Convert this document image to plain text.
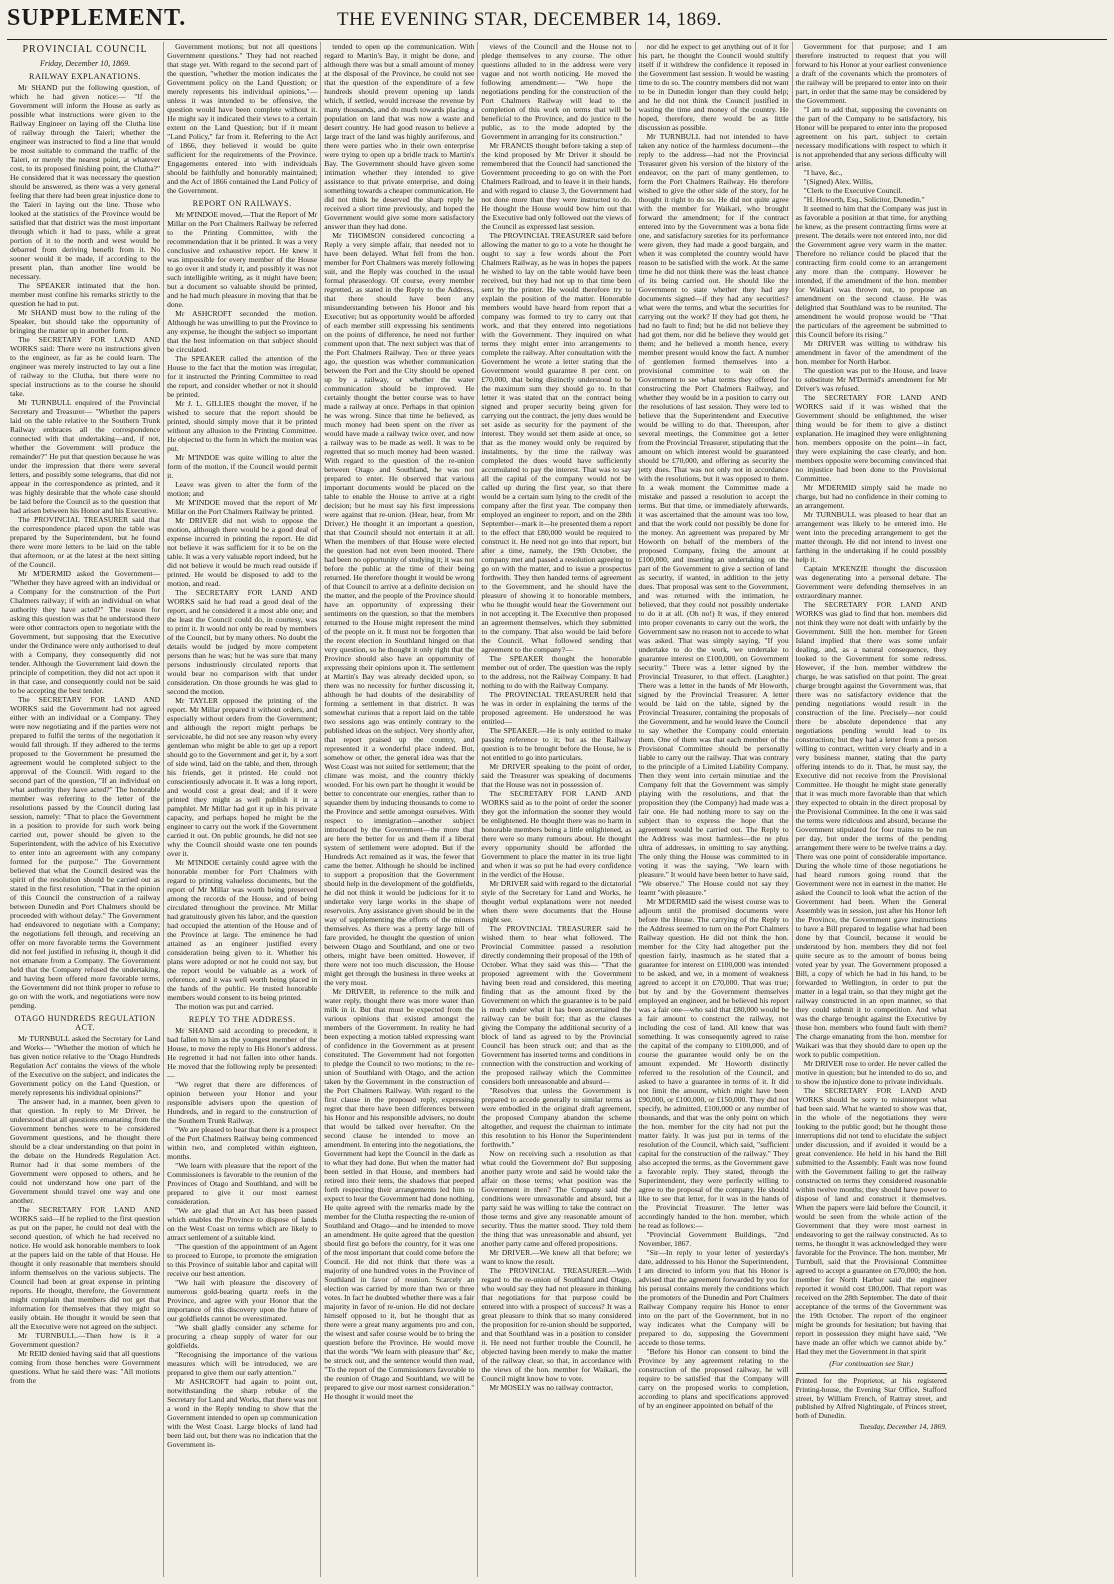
SUPPLEMENT.	THE EVENING STAR, DECEMBER 14, 1869.
PROVINCIAL COUNCIL
Friday, December 10, 1869.
RAILWAY EXPLANATIONS.

Mr SHAND put the following question, of which he had given notice:— "If the Government will inform the House as early as possible what instructions were given to the Railway Engineer on laying off the Clutha line of railway through the Taieri; whether the engineer was instructed to find a line that would be most suitable to command the traffic of the Taieri, or merely the nearest point, at whatever cost, to its proposed finishing point, the Clutha?" He considered that it was necessary the question should be answered, as there was a very general feeling that there had been great injustice done to the Taieri in laying out the line. Those who looked at the statistics of the Province would be satisfied that that district was the most important through which it had to pass, while a great portion of it to the north and west would be debarred from deriving benefit from it. No sooner would it be made, if according to the present plan, than another line would be necessary.

The SPEAKER intimated that the hon. member must confine his remarks strictly to the question he had to put.

Mr SHAND must bow to the ruling of the Speaker, but should take the opportunity of bringing the matter up in another form.

The SECRETARY FOR LAND AND WORKS said: There were no instructions given to the engineer, as far as he could learn. The engineer was merely instructed to lay out a line of railway to the Clutha, but there were no special instructions as to the course he should take.

Mr TURNBULL enquired of the Provincial Secretary and Treasurer— "Whether the papers laid on the table relative to the Southern Trunk Railway embraces all the correspondence connected with that undertaking—and, if not, whether the Government will produce the remainder?" He put that question because he was under the impression that there were several letters, and possibly some telegrams, that did not appear in the correspondence as printed, and it was highly desirable that the whole case should be laid before the Council as to the question that had arisen between his Honor and his Executive.

The PROVINCIAL TREASURER said that the correspondence placed upon the table was prepared by the Superintendent, but he found there were more letters to be laid on the table that afternoon, or at the latest at the next sitting of the Council.

Mr M'DERMID asked the Government— "Whether they have agreed with an individual or a Company for the construction of the Port Chalmers railway; if with an individual on what authority they have acted?" The reason for asking this question was that he understood there were other contractors open to negotiate with the Government, but supposing that the Executive under the Ordinance were only authorised to deal with a Company, they consequently did not tender. Although the Government laid down the principle of competition, they did not act upon it in that case, and consequently could not be said to be accepting the best tender.

The SECRETARY FOR LAND AND WORKS said the Government had not agreed either with an individual or a Company. They were now negotiating and if the parties were not prepared to fulfil the terms of the negotiation it would fall through. If they adhered to the terms proposed to the Government he presumed the agreement would be completed subject to the approval of the Council. With regard to the second part of the question, "If an individual on what authority they have acted?" The honorable member was referring to the letter of the resolutions passed by the Council during last session, namely: "That to place the Government in a position to provide for such work being carried out, power should be given to the Superintendent, with the advice of his Executive to enter into an agreement with any company formed for the purpose." The Government believed that what the Council desired was the spirit of the resolution should be carried out as stated in the first resolution, "That in the opinion of this Council the construction of a railway between Dunedin and Port Chalmers should be proceeded with without delay." The Government had endeavored to negotiate with a Company; the negotiations fell through, and receiving an offer on more favorable terms the Government did not feel justified in refusing it, though it did not emanate from a Company. The Government held that the Company refused the undertaking, and having been offered more favorable terms, the Government did not think proper to refuse to go on with the work, and negotiations were now pending.

OTAGO HUNDREDS REGULATION ACT.

Mr TURNBULL asked the Secretary for Land and Works— "Whether the motion of which he has given notice relative to the 'Otago Hundreds Regulation Act' contains the views of the whole of the Executive on the subject, and indicates the Government policy on the Land Question, or merely represents his individual opinions?"

The answer had, in a manner, been given to that question. In reply to Mr Driver, he understood that all questions emanating from the Government benches were to be considered Government questions, and he thought there should be a clear understanding on that point in the debate on the Hundreds Regulation Act. Rumor had it that some members of the Government were opposed to others, and he could not understand how one part of the Government should travel one way and one another.

The SECRETARY FOR LAND AND WORKS said—If he replied to the first question as put on the paper, he could not deal with the second question, of which he had received no notice. He would ask honorable members to look at the papers laid on the table of that House. He thought it only reasonable that members should inform themselves on the various subjects. The Council had been at great expense in printing reports. He thought, therefore, the Government might complain that members did not get that information for themselves that they might so easily obtain. He thought it would be seen that all the Executive were not agreed on the subject.

Mr TURNBULL.—Then how is it a Government question?

Mr REID denied having said that all questions coming from those benches were Government questions. What he said there was: "All motions from the

Government motions; but not all questions Government questions." They had not reached that stage yet. With regard to the second part of the question, "whether the motion indicates the Government policy on the Land Question; or merely represents his individual opinions,"—unless it was intended to be offensive, the question would have been complete without it. He might say it indicated their views to a certain extent on the Land Question; but if it meant "Land Policy," far from it. Referring to the Act of 1866, they believed it would be quite sufficient for the requirements of the Province. Engagements entered into with individuals should be faithfully and honorably maintained; and the Act of 1866 contained the Land Policy of the Government.

REPORT ON RAILWAYS.

Mr M'INDOE moved,—That the Report of Mr Millar on the Port Chalmers Railway be referred to the Printing Committee, with the recommendation that it be printed. It was a very conclusive and exhaustive report. He knew it was impossible for every member of the House to go over it and study it, and possibly it was not such intelligible writing, as it might have been; but a document so valuable should be printed, and he had much pleasure in moving that that be done.

Mr ASHCROFT seconded the motion. Although he was unwilling to put the Province to any expense, he thought the subject so important that the best information on that subject should be circulated.

The SPEAKER called the attention of the House to the fact that the motion was irregular, for it instructed the Printing Committee to read the report, and consider whether or not it should be printed.

Mr J. L. GILLIES thought the mover, if he wished to secure that the report should be printed, should simply move that it be printed without any allusion to the Printing Committee. He objected to the form in which the motion was put.

Mr M'INDOE was quite willing to alter the form of the motion, if the Council would permit it.

Leave was given to alter the form of the motion; and

Mr M'INDOE moved that the report of Mr Millar on the Port Chalmers Railway be printed.

Mr DRIVER did not wish to oppose the motion, although there would be a good deal of expense incurred in printing the report. He did not believe it was sufficient for it to be on the table. It was a very valuable report indeed, but he did not believe it would be much read outside if printed. He would be disposed to add to the motion, and read.

The SECRETARY FOR LAND AND WORKS said he had read a good deal of the report, and he considered it a most able one; and the least the Council could do, in courtesy, was to print it. It would not only be read by members of the Council, but by many others. No doubt the details would be judged by more competent persons than he was; but he was sure that many persons industriously circulated reports that would bear no comparison with that under consideration. On those grounds he was glad to second the motion.

Mr TAYLER opposed the printing of the report. Mr Millar prepared it without orders, and especially without orders from the Government; and although the report might perhaps be serviceable, he did not see any reason why every gentleman who might be able to get up a report should go to the Government and get it, by a sort of side wind, laid on the table, and then, through his friends, get it printed. He could not conscientiously advocate it. It was a long report, and would cost a great deal; and if it were printed they might as well publish it in a pamphlet. Mr Millar had got it up in his private capacity, and perhaps hoped he might be the engineer to carry out the work if the Government carried it out. On public grounds, he did not see why the Council should waste one ten pounds over it.

Mr M'INDOE certainly could agree with the honorable member for Port Chalmers with regard to printing valueless documents, but the report of Mr Millar was worth being preserved among the records of the House, and of being circulated throughout the province. Mr Millar had gratuitously given his labor, and the question had occupied the attention of the House and of the Province at large. The eminence he had attained as an engineer justified every consideration being given to it. Whether his plans were adopted or not he could not say, but the report would be valuable as a work of reference, and it was well worth being placed in the hands of the public. He trusted honorable members would consent to its being printed.

The motion was put and carried.

REPLY TO THE ADDRESS.

Mr SHAND said according to precedent, it had fallen to him as the youngest member of the House, to move the reply to His Honor's address. He regretted it had not fallen into other hands. He moved that the following reply be presented:—

"We regret that there are differences of opinion between your Honor and your responsible advisers upon the question of Hundreds, and in regard to the construction of the Southern Trunk Railway.

"We are pleased to hear that there is a prospect of the Port Chalmers Railway being commenced within two, and completed within eighteen, months.

"We learn with pleasure that the report of the Commissioners is favorable to the reunion of the Provinces of Otago and Southland, and will be prepared to give it our most earnest consideration.

"We are glad that an Act has been passed which enables the Province to dispose of lands on the West Coast on terms which are likely to attract settlement of a suitable kind.

"The question of the appointment of an Agent to proceed to Europe, to promote the emigration to this Province of suitable labor and capital will receive our best attention.

"We hail with pleasure the discovery of numerous gold-bearing quartz reefs in the Province, and agree with your Honor that the importance of this discovery upon the future of our goldfields cannot be overestimated.

"We shall gladly consider any scheme for procuring a cheap supply of water for our goldfields.

"Recognising the importance of the various measures which will be introduced, we are prepared to give them our early attention."

Mr ASHCROFT had again to point out, notwithstanding the sharp rebuke of the Secretary for Land and Works, that there was not a word in the Reply tending to show that the Government intended to open up communication with the West Coast. Large blocks of land had been laid out, but there was no indication that the Government in-

tended to open up the communication. With regard to Martin's Bay, it might be done, and although there was but a small amount of money at the disposal of the Province, he could not see that the question of the expenditure of a few hundreds should prevent opening up lands which, if settled, would increase the revenue by many thousands, and do much towards placing a population on land that was now a waste and desert country. He had good reason to believe a large tract of the land was highly auriferous, and there were parties who in their own enterprise were trying to open up a bridle track to Martin's Bay. The Government should have given some intimation whether they intended to give assistance to that private enterprise, and doing something towards a cheaper communication. He did not think he deserved the sharp reply he received a short time previously, and hoped the Government would give some more satisfactory answer than they had done.

Mr THOMSON considered concocting a Reply a very simple affair, that needed not to have been delayed. What fell from the hon. member for Port Chalmers was merely following suit, and the Reply was couched in the usual formal phraseology. Of course, every member regretted, as stated in the Reply to the Address, that there should have been any misunderstanding between his Honor and his Executive; but as opportunity would be afforded of each member still expressing his sentiments on the points of difference, he need not further comment upon that. The next subject was that of the Port Chalmers Railway. Two or three years ago, the question was whether communication between the Port and the City should be opened up by a railway, or whether the water communication should be improved. He certainly thought the better course was to have made a railway at once. Perhaps in that opinion he was wrong. Since that time he believed, as much money had been spent on the river as would have made a railway twice over, and now a railway was to be made as well. It was to be regretted that so much money had been wasted. With regard to the question of the re-union between Otago and Southland, he was not prepared to enter. He observed that various important documents would be placed on the table to enable the House to arrive at a right decision; but he must say his first impressions were against that re-union. (Hear, hear, from Mr Driver.) He thought it an important a question, that that Council should not entertain it at all. When the members of that House were elected the question had not even been mooted. There had been no opportunity of studying it; it was not before the public at the time of their being returned. He therefore thought it would be wrong of that Council to arrive at a definite decision on the matter, and the people of the Province should have an opportunity of expressing their sentiments on the question, so that the members returned to the House might represent the mind of the people on it. It must not be forgotten that the recent election in Southland hinged on that very question, so he thought it only right that the Province should also have an opportunity of expressing their opinions upon it. The settlement at Martin's Bay was already decided upon, so there was no necessity for further discussing it, although he had doubts of the desirability of forming a settlement in that district. It was somewhat curious that a report laid on the table two sessions ago was entirely contrary to the published ideas on the subject. Very shortly after, that report praised up the country, and represented it a wonderful place indeed. But, somehow or other, the general idea was that the West Coast was not suited for settlement; that the climate was moist, and the country thickly wooded. For his own part he thought it would be better to concentrate our energies, rather than to squander them by inducing thousands to come to the Province and settle amongst ourselves. With respect to immigration—another subject introduced by the Government—the more that are here the better for us and them if a liberal system of settlement were adopted. But if the Hundreds Act remained as it was, the fewer that came the better. Although he should be inclined to support a proposition that the Government should help in the development of the goldfields, he did not think it would be judicious for it to undertake very large works in the shape of reservoirs. Any assistance given should be in the way of supplementing the efforts of the miners themselves. As there was a pretty large bill of fare provided, he thought the question of union between Otago and Southland, and one or two others, might have been omitted. However, if there were not too much discussion, the House might get through the business in three weeks at the very most.

Mr DRIVER, in reference to the milk and water reply, thought there was more water than milk in it. But that must be expected from the various opinions that existed amongst the members of the Government. In reality he had been expecting a motion tabled expressing want of confidence in the Government as at present constituted. The Government had not forgotten to pledge the Council to two motions; to the re-union of Southland with Otago, and the action taken by the Government in the construction of the Port Chalmers Railway. With regard to the first clause in the proposed reply, expressing regret that there have been differences between his Honor and his responsible advisers, no doubt that would be talked over hereafter. On the second clause he intended to move an amendment. In entering into the negotiations, the Government had kept the Council in the dark as to what they had done. But when the matter had been settled in that House, and members had retired into their tents, the shadows that peeped forth respecting their arrangements led him to expect to hear the Government had done nothing. He quite agreed with the remarks made by the member for the Clutha respecting the re-union of Southland and Otago—and he intended to move an amendment. He quite agreed that the question should first go before the country, for it was one of the most important that could come before the Council. He did not think that there was a majority of one hundred votes in the Province of Southland in favor of reunion. Scarcely an election was carried by more than two or three votes. In fact he doubted whether there was a fair majority in favor of re-union. He did not declare himself opposed to it, but he thought that as there were a great many arguments pro and con, the wisest and safer course would be to bring the question before the Province. He would move that the words "We learn with pleasure that" &c, be struck out, and the sentence would then read, "To the report of the Commissioners favorable to the reunion of Otago and Southland, we will be prepared to give our most earnest consideration." He thought it would meet the

views of the Council and the House not to pledge themselves to any course. The other questions alluded to in the address were very vague and not worth noticing. He moved the following amendment:— "We hope the negotiations pending for the construction of the Port Chalmers Railway will lead to the completion of this work on terms that will be beneficial to the Province, and do justice to the public, as to the mode adopted by the Government in arranging for its construction."

Mr FRANCIS thought before taking a step of the kind proposed by Mr Driver it should be remembered that the Council had sanctioned the Government proceeding to go on with the Port Chalmers Railroad, and to leave it in their hands, and with regard to clause 3, the Government had not done more than they were instructed to do. He thought the House would bow him out that the Executive had only followed out the views of the Council as expressed last session.

The PROVINCIAL TREASURER said before allowing the matter to go to a vote he thought he ought to say a few words about the Port Chalmers Railway, as he was in hopes the papers he wished to lay on the table would have been received, but they had not up to that time been sent by the printer. He would therefore try to explain the position of the matter. Honorable members would have heard from report that a company was formed to try to carry out that work, and that they entered into negotiations with the Government. They inquired on what terms they might enter into arrangements to complete the railway. After consultation with the Government he wrote a letter stating that the Government would guarantee 8 per cent. on £70,000, that being distinctly understood to be the maximum sum they should go to. In that letter it was stated that on the contract being signed and proper security being given for carrying out the contract, the jetty dues would be set aside as security for the payment of the interest. They would set them aside at once, so that as the money would only be required by instalments, by the time the railway was completed the dues would have sufficiently accumulated to pay the interest. That was to say all the capital of the company would not be called up during the first year, so that there would be a certain sum lying to the credit of the company after the first year. The company then employed an engineer to report, and on the 28th September—mark it—he presented them a report to the effect that £80,000 would be required to construct it. He need not go into that report, but after a time, namely, the 19th October, the company met and passed a resolution agreeing to go on with the matter, and to issue a prospectus forthwith. They then handed terms of agreement to the Government, and he should have the pleasure of showing it to honorable members, who he thought would hear the Government out in not accepting it. The Executive then proposed an agreement themselves, which they submitted to the company. That also would be laid before the Council. What followed sending that agreement to the company?—

The SPEAKER thought the honorable member out of order. The question was the reply to the address, not the Railway Company. It had nothing to do with the Railway Company.

The PROVINCIAL TREASURER held that he was in order in explaining the terms of the proposed agreement. He understood he was entitled—

The SPEAKER.—He is only entitled to make passing reference to it; but as the Railway question is to be brought before the House, he is not entitled to go into particulars.

Mr DRIVER speaking to the point of order, said the Treasurer was speaking of documents that the House was not in possession of.

The SECRETARY FOR LAND AND WORKS said as to the point of order the sooner they got the information the sooner they would be enlightened. He thought there was no harm in honorable members being a little enlightened, as there were so many rumours about. He thought every opportunity should be afforded the Government to place the matter in its true light and when it was so put he had every confidence in the verdict of the House.

Mr DRIVER said with regard to the dictatorial style of the Secretary for Land and Works, he thought verbal explanations were not needed when there were documents that the House might see.

The PROVINCIAL TREASURER said he wished them to hear what followed. The Provincial Committee passed a resolution directly condemning their proposal of the 19th of October. What they said was this— "That the proposed agreement with the Government having been read and considered, this meeting finding that as the amount fixed by the Government on which the guarantee is to be paid is much under what it has been ascertained the railway can be built for; that as the clauses giving the Company the additional security of a block of land as agreed to by the Provincial Council has been struck out; and that as the Government has inserted terms and conditions in connection with the construction and working of the proposed railway which the Committee considers both unreasonable and absurd—

"Resolves that unless the Government is prepared to accede generally to similar terms as were embodied in the original draft agreement, the proposed Company abandon the scheme altogether, and request the chairman to intimate this resolution to his Honor the Superintendent forthwith."

Now on receiving such a resolution as that what could the Government do? But supposing another party wrote and said he would take the affair on those terms; what position was the Government in then? The Company said the conditions were unreasonable and absurd, but a party said he was willing to take the contract on those terms and give any reasonable amount of security. Thus the matter stood. They told them the thing that was unreasonable and absurd, yet another party came and offered propositions.

Mr DRIVER.—We knew all that before; we want to know the result.

The PROVINCIAL TREASURER.—With regard to the re-union of Southland and Otago, who would say they had not pleasure in thinking that negotiations for that purpose could be entered into with a prospect of success? It was a great pleasure to think that so many considered the proposition for re-union should be supported, and that Southland was in a position to consider it. He need not further trouble the Council, he objected having been merely to make the matter of the railway clear, so that, in accordance with the views of the hon. member for Waikari, the Council might know how to vote.

Mr MOSELY was no railway contractor,

nor did he expect to get anything out of it for his part, he thought the Council would stultify itself if it withdrew the confidence it reposed in the Government last session. It would be wasting time to do so. The country members did not want to be in Dunedin longer than they could help; and he did not think the Council justified in wasting the time and money of the country. He hoped, therefore, there would be as little discussion as possible.

Mr TURNBULL had not intended to have taken any notice of the harmless document—the reply to the address—had not the Provincial Treasurer given his version of the history of the endeavor, on the part of many gentlemen, to form the Port Chalmers Railway. He therefore wished to give the other side of the story, for he thought it right to do so. He did not quite agree with the member for Waikari, who brought forward the amendment; for if the contract entered into by the Government was a bona fide one, and satisfactory sureties for its performance were given, they had made a good bargain, and when it was completed the country would have reason to be satisfied with the work. At the same time he did not think there was the least chance of its being carried out. He should like the Government to state whether they had any documents signed—if they had any securities? what were the terms, and what the securities for carrying out the work? If they had got them, he had no fault to find; but he did not believe they had got them, nor did he believe they would get them; and he believed a month hence, every member present would know the fact. A number of gentlemen formed themselves into a provisional committee to wait on the Government to see what terms they offered for constructing the Port Chalmers Railway, and whether they would be in a position to carry out the resolutions of last session. They were led to believe that the Superintendent and Executive would be willing to do that. Thereupon, after several meetings, the Committee got a letter from the Provincial Treasurer, stipulating that the amount on which interest would be guaranteed should be £70,000, and offering as security the jetty dues. That was not only not in accordance with the resolutions, but it was opposed to them. In a weak moment the Committee made a mistake and passed a resolution to accept the terms. But that time, or immediately afterwards, it was ascertained that the amount was too low, and that the work could not possibly be done for the money. An agreement was prepared by Mr Howorth on behalf of the members of the proposed Company, fixing the amount at £100,000, and inserting an undertaking on the part of the Government to give a section of land as security, if wanted, in addition to the jetty dues. That proposal was sent to the Government, and was returned with the intimation, he believed, that they could not possibly undertake to do it at all. (Oh no!) It was, if they entered into proper covenants to carry out the work, the Government saw no reason not to accede to what was asked. That was simply saying, "If you undertake to do the work, we undertake to guarantee interest on £100,000, on Government security." There was a letter signed by the Provincial Treasurer, to that effect. (Laughter.) There was a letter in the hands of Mr Howorth, signed by the Provincial Treasurer. A letter would be laid on the table, signed by the Provincial Treasurer, containing the proposals of the Government, and he would leave the Council to say whether the Company could entertain them. One of them was that each member of the Provisional Committee should be personally liable to carry out the railway. That was contrary to the principle of a Limited Liability Company. Then they went into certain minutiae and the Company felt that the Government was simply playing with the resolutions, and that the proposition they (the Company) had made was a fair one. He had nothing more to say on the subject than to express the hope that the agreement would be carried out. The Reply to the Address was most harmless—the ne plus ultra of addresses, in omitting to say anything. The only thing the House was committed to in voting it was the saying, "We learn with pleasure." It would have been better to have said, "We observe." The House could not say they learnt "with pleasure."

Mr M'DERMID said the wisest course was to adjourn until the promised documents were before the House. The carrying of the Reply to the Address seemed to turn on the Port Chalmers Railway question. He did not think the hon. member for the City had altogether put the question fairly, inasmuch as he stated that a guarantee for interest on £100,000 was intended to be asked, and we, in a moment of weakness agreed to accept it on £70,000. That was true; but by and by the Government themselves employed an engineer, and he believed his report was a fair one—who said that £80,000 would be a fair amount to construct the railway, not including the cost of land. All knew that was something. It was consequently agreed to raise the capital of the company to £100,000, and of course the guarantee would only be on the amount expended. Mr Howorth distinctly referred to the resolution of the Council, and asked to have a guarantee in terms of it. It did not limit the amount, which might have been £90,000, or £100,000, or £150,000. They did not specify, he admitted, £100,000 or any number of thousands, and that was the only point on which the hon. member for the city had not put the matter fairly. It was just put in terms of the resolution of the Council, which said, "sufficient capital for the construction of the railway." They also accepted the terms, as the Government gave a favorable reply. They stated, through the Superintendent, they were perfectly willing to agree to the proposal of the company. He should like to see that letter, for it was in the hands of the Provincial Treasurer. The letter was accordingly handed to the hon. member, which he read as follows:—

"Provincial Government Buildings, "2nd November, 1867.

"Sir—In reply to your letter of yesterday's date, addressed to his Honor the Superintendent, I am directed to inform you that his Honor is advised that the agreement forwarded by you for his perusal contains merely the conditions which the promoters of the Dunedin and Port Chalmers Railway Company require his Honor to enter into on the part of the Government, but in no way indicates what the Company will be prepared to do, supposing the Government accede to those terms.

"Before his Honor can consent to bind the Province by any agreement relating to the construction of the proposed railway, he will require to be satisfied that the Company will carry on the proposed works to completion, according to plans and specifications approved of by an engineer appointed on behalf of the

Government for that purpose; and I am therefore instructed to request that you will forward to his Honor at your earliest convenience a draft of the covenants which the promoters of the railway will be prepared to enter into on their part, in order that the same may be considered by the Government.

"I am to add that, supposing the covenants on the part of the Company to be satisfactory, his Honor will be prepared to enter into the proposed agreement on his part, subject to certain necessary modifications with respect to which it is not apprehended that any serious difficulty will arise.

"I have, &c.,

"(Signed) Alex. Willis,

"Clerk to the Executive Council.

"H. Howorth, Esq., Solicitor, Dunedin."

It seemed to him that the Company was just in as favorable a position at that time, for anything he knew, as the present contracting firms were at present. The details were not entered into, nor did the Government agree very warm in the matter. Therefore no reliance could be placed that the contracting firm could come to an arrangement any more than the company. However he intended, if the amendment of the hon. member for Waikari was thrown out, to propose an amendment on the second clause. He was delighted that Southland was to be reunited. The amendment he would propose would be "That the particulars of the agreement be submitted to this Council before its rising."

Mr DRIVER was willing to withdraw his amendment in favor of the amendment of the hon. member for North Harbor.

The question was put to the House, and leave to substitute Mr M'Dermid's amendment for Mr Driver's was refused.

The SECRETARY FOR LAND AND WORKS said if it was wished that the Government should be enlightened, the wiser thing would be for them to give a distinct explanation. He imagined they were enlightening hon. members opposite on the point—in fact, they were explaining the case clearly, and hon. members opposite were becoming convinced that no injustice had been done to the Provisional Committee.

Mr M'DERMID simply said he made no charge, but had no confidence in their coming to an arrangement.

Mr TURNBULL was pleased to hear that an arrangement was likely to be entered into. He went into the preceding arrangement to get the matter through. He did not intend to invest one farthing in the undertaking if he could possibly help it.

Captain M'KENZIE thought the discussion was degenerating into a personal debate. The Government were defending themselves in an extraordinary manner.

The SECRETARY FOR LAND AND WORKS was glad to find that hon. members did not think they were not dealt with unfairly by the Government. Still the hon. member for Green Island implied that there was some unfair dealing, and, as a natural consequence, they looked to the Government for some redress. However, if the hon. member withdrew the charge, he was satisfied on that point. The great charge brought against the Government was, that there was no satisfactory evidence that the pending negotiations would result in the construction of the line. Precisely—nor could there be absolute dependence that any negotiations pending would lead to its construction; but they had a letter from a person willing to contract, written very clearly and in a very business manner, stating that the party offering intends to do it. That, he must say, the Executive did not receive from the Provisional Committee. He thought he might state generally that it was much more favorable than that which they expected to obtain in the direct proposal by the Provisional Committee. In the one it was said the terms were ridiculous and absurd, because the Government stipulated for four trains to be run per day, but under the terms of the pending arrangement there were to be twelve trains a day. There was one point of considerable importance. During the whole time of those negotiations he had heard rumors going round that the Government were not in earnest in the matter. He asked the Council to look what the action of the Government had been. When the General Assembly was in session, just after his Honor left the Province, the Government gave instructions to have a Bill prepared to legalise what had been done by that Council, because it would be understood by hon. members they did not feel quite secure as to the amount of bonus being voted year by year. The Government proposed a Bill, a copy of which he had in his hand, to be forwarded to Wellington, in order to put the matter in a legal train, so that they might get the railway constructed in an open manner, so that they could submit it to competition. And what was the charge brought against the Executive by those hon. members who found fault with them? The charge emanating from the hon. member for Waikari was that they should dare to open up the work to public competition.

Mr DRIVER rose to order. He never called the motive in question; but he intended to do so, and to show the injustice done to private individuals.

The SECRETARY FOR LAND AND WORKS should be sorry to misinterpret what had been said. What he wanted to show was that, in the whole of the negotiations they were looking to the public good; but he thought those interruptions did not tend to elucidate the subject under discussion, and if avoided it would be a great convenience. He held in his hand the Bill submitted to the Assembly. Fault was now found with the Government failing to get the railway constructed on terms they considered reasonable within twelve months; they should have power to dispose of land and construct it themselves. When the papers were laid before the Council, it would be seen from the whole action of the Government that they were most earnest in endeavoring to get the railway constructed. As to terms, he thought it was acknowledged they were favorable for the Province. The hon. member, Mr Turnbull, said that the Provisional Committee agreed to accept a guarantee on £70,000; the hon. member for North Harbor said the engineer reported it would cost £80,000. That report was received on the 28th September. The date of their acceptance of the terms of the Government was the 19th October. The report of the engineer might be grounds for hesitation; but having that report in possession they might have said, "We have made an offer which we cannot abide by." Had they met the Government in that spirit

(For continuation see Star.)
Printed for the Proprietor, at his registered Printing-house, the Evening Star Office, Stafford street, by William French, of Rattray street, and published by Alfred Nightingale, of Princes street, both of Dunedin.
Tuesday, December 14, 1869.
